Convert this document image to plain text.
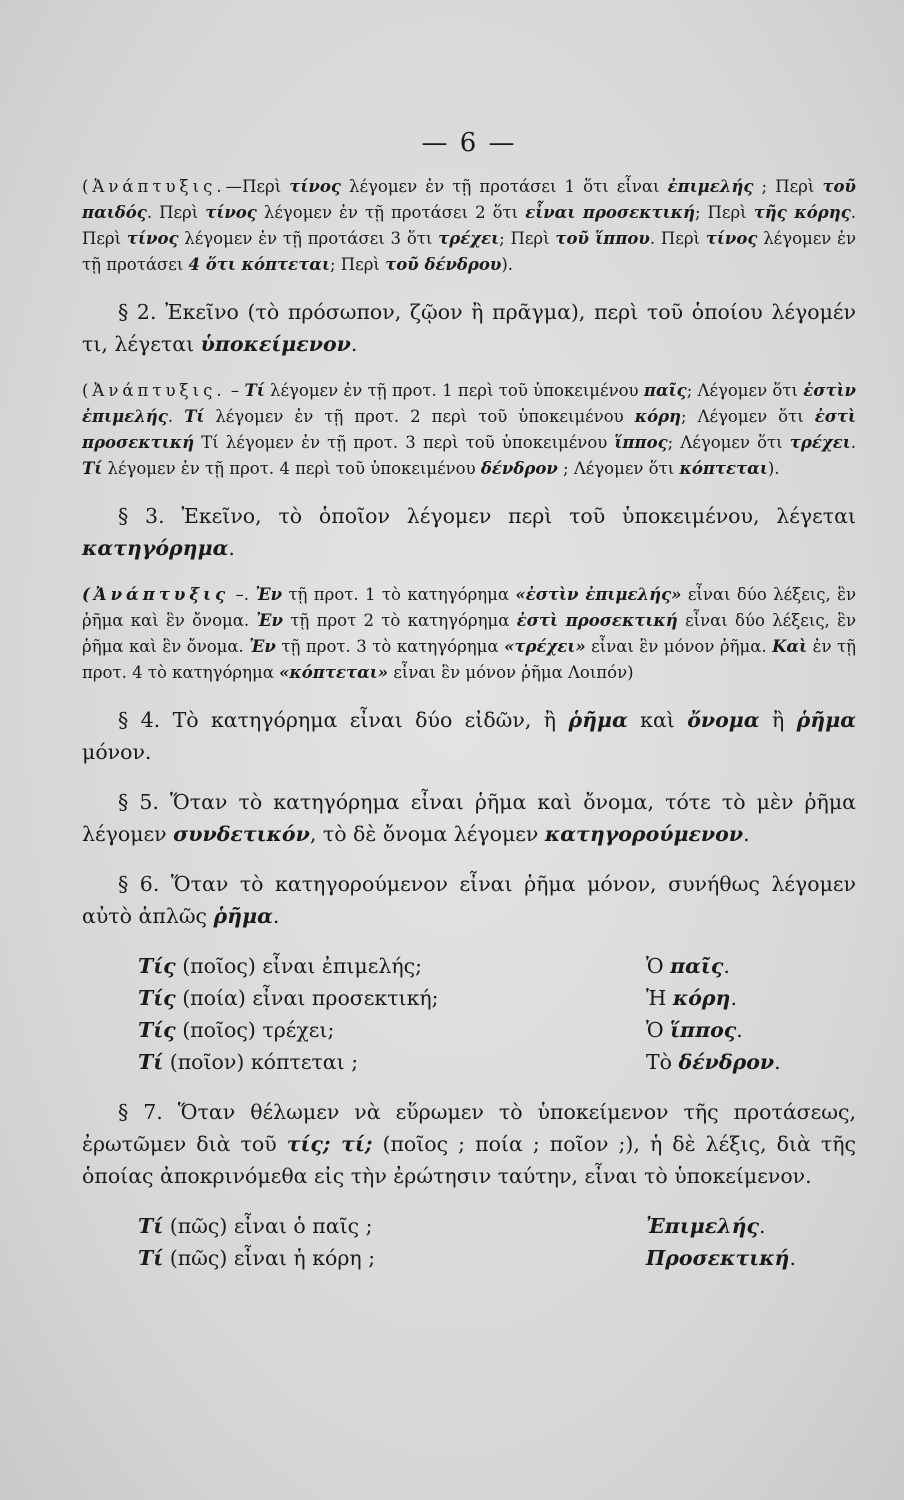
— 6 —

(Ἀνάπτυξις.—Περὶ τίνος λέγομεν ἐν τῇ προτάσει 1 ὅτι εἶναι ἐπιμελής ; Περὶ τοῦ παιδός. Περὶ τίνος λέγομεν ἐν τῇ προτάσει 2 ὅτι εἶναι προσεκτική; Περὶ τῆς κόρης. Περὶ τίνος λέγομεν ἐν τῇ προτάσει 3 ὅτι τρέχει; Περὶ τοῦ ἵππου. Περὶ τίνος λέγομεν ἐν τῇ προτάσει 4 ὅτι κόπτεται; Περὶ τοῦ δένδρου).

§ 2. Ἐκεῖνο (τὸ πρόσωπον, ζῷον ἢ πρᾶγμα), περὶ τοῦ ὁποίου λέγομέν τι, λέγεται ὑποκείμενον.

(Ἀνάπτυξις. – Τί λέγομεν ἐν τῇ προτ. 1 περὶ τοῦ ὑποκειμένου παῖς; Λέγομεν ὅτι ἐστὶν ἐπιμελής. Τί λέγομεν ἐν τῇ προτ. 2 περὶ τοῦ ὑποκειμένου κόρη; Λέγομεν ὅτι ἐστὶ προσεκτική Τί λέγομεν ἐν τῇ προτ. 3 περὶ τοῦ ὑποκειμένου ἵππος; Λέγομεν ὅτι τρέχει. Τί λέγομεν ἐν τῇ προτ. 4 περὶ τοῦ ὑποκειμένου δένδρον ; Λέγομεν ὅτι κόπτεται).

§ 3. Ἐκεῖνο, τὸ ὁποῖον λέγομεν περὶ τοῦ ὑποκειμένου, λέγεται κατηγόρημα.

(Ἀνάπτυξις –. Ἐν τῇ προτ. 1 τὸ κατηγόρημα «ἐστὶν ἐπιμελής» εἶναι δύο λέξεις, ἓν ῥῆμα καὶ ἓν ὄνομα. Ἐν τῇ προτ 2 τὸ κατηγόρημα ἐστὶ προσεκτική εἶναι δύο λέξεις, ἓν ῥῆμα καὶ ἓν ὄνομα. Ἐν τῇ προτ. 3 τὸ κατηγόρημα «τρέχει» εἶναι ἓν μόνον ῥῆμα. Καὶ ἐν τῇ προτ. 4 τὸ κατηγόρημα «κόπτεται» εἶναι ἓν μόνον ῥῆμα Λοιπόν)

§ 4. Τὸ κατηγόρημα εἶναι δύο εἰδῶν, ἢ ῥῆμα καὶ ὄνομα ἢ ῥῆμα μόνον.

§ 5. Ὅταν τὸ κατηγόρημα εἶναι ῥῆμα καὶ ὄνομα, τότε τὸ μὲν ῥῆμα λέγομεν συνδετικόν, τὸ δὲ ὄνομα λέγομεν κατηγορούμενον.

§ 6. Ὅταν τὸ κατηγορούμενον εἶναι ῥῆμα μόνον, συνήθως λέγομεν αὐτὸ ἁπλῶς ῥῆμα.

Τίς (ποῖος) εἶναι ἐπιμελής;	Ὁ παῖς.
Τίς (ποία) εἶναι προσεκτική;	Ἡ κόρη.
Τίς (ποῖος) τρέχει;	Ὁ ἵππος.
Τί (ποῖον) κόπτεται ;	Τὸ δένδρον.

§ 7. Ὅταν θέλωμεν νὰ εὕρωμεν τὸ ὑποκείμενον τῆς προτάσεως, ἐρωτῶμεν διὰ τοῦ τίς; τί; (ποῖος ; ποία ; ποῖον ;), ἡ δὲ λέξις, διὰ τῆς ὁποίας ἀποκρινόμεθα εἰς τὴν ἐρώτησιν ταύτην, εἶναι τὸ ὑποκείμενον.

Τί (πῶς) εἶναι ὁ παῖς ;	Ἐπιμελής.
Τί (πῶς) εἶναι ἡ κόρη ;	Προσεκτική.
